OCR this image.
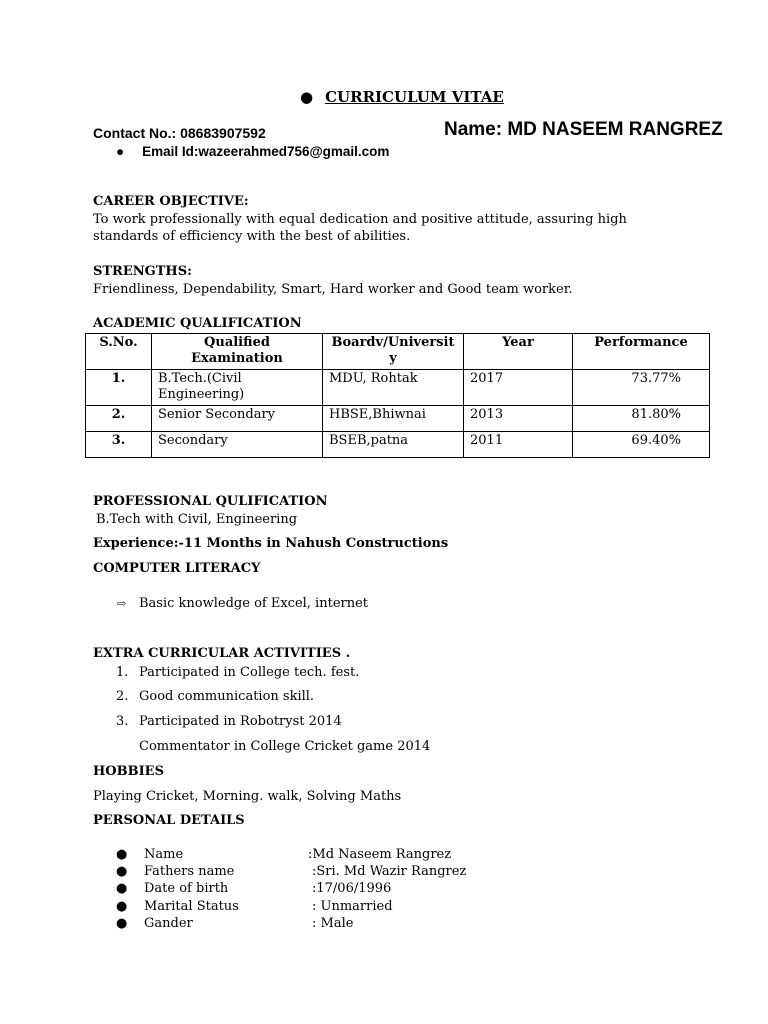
● CURRICULUM VITAE
Contact No.: 08683907592	Name: MD NASEEM RANGREZ
● Email Id:wazeerahmed756@gmail.com
CAREER OBJECTIVE:
To work professionally with equal dedication and positive attitude, assuring high
standards of efficiency with the best of abilities.
STRENGTHS:
Friendliness, Dependability, Smart, Hard worker and Good team worker.
ACADEMIC QUALIFICATION
S.No.	Qualified Examination	Boardv/Universit y	Year	Performance
1.	B.Tech.(Civil Engineering)	MDU, Rohtak	2017	73.77%
2.	Senior Secondary	HBSE,Bhiwnai	2013	81.80%
3.	Secondary	BSEB,patna	2011	69.40%
PROFESSIONAL QULIFICATION
B.Tech with Civil, Engineering
Experience:-11 Months in Nahush Constructions
COMPUTER LITERACY
⇨ Basic knowledge of Excel, internet
EXTRA CURRICULAR ACTIVITIES .
1. Participated in College tech. fest.
2. Good communication skill.
3. Participated in Robotryst 2014
Commentator in College Cricket game 2014
HOBBIES
Playing Cricket, Morning. walk, Solving Maths
PERSONAL DETAILS
● Name	:Md Naseem Rangrez
● Fathers name	:Sri. Md Wazir Rangrez
● Date of birth	:17/06/1996
● Marital Status	: Unmarried
● Gander	: Male
